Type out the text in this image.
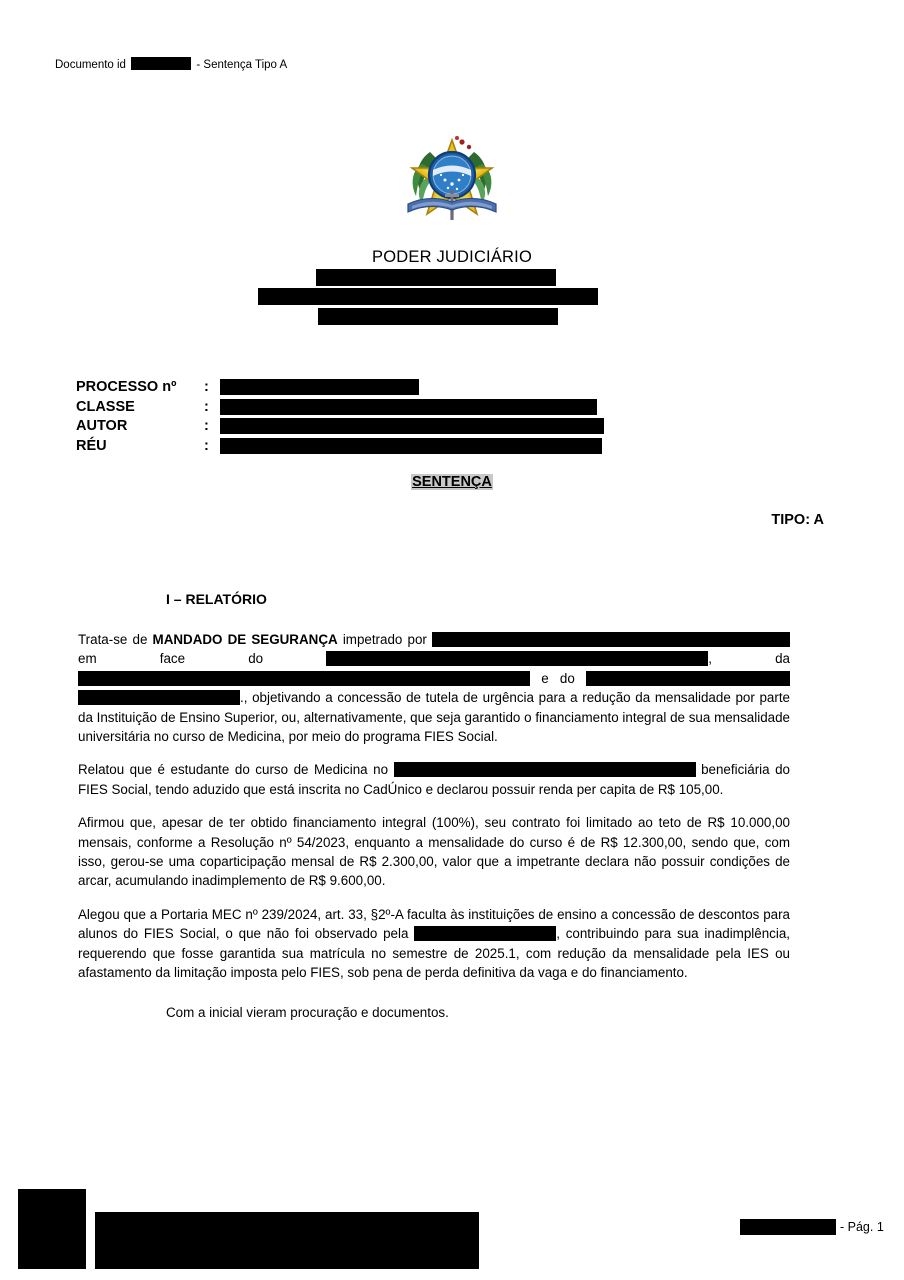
Documento id	- Sentença Tipo A
PODER JUDICIÁRIO
PROCESSO nº	:
CLASSE	:
AUTOR	:
RÉU	:
SENTENÇA
TIPO: A
I – RELATÓRIO

Trata-se de MANDADO DE SEGURANÇA impetrado por  em face do	, da  e do ., objetivando a concessão de tutela de urgência para a redução da mensalidade por parte da Instituição de Ensino Superior, ou, alternativamente, que seja garantido o financiamento integral de sua mensalidade universitária no curso de Medicina, por meio do programa FIES Social.

Relatou que é estudante do curso de Medicina no	beneficiária do FIES Social, tendo aduzido que está inscrita no CadÚnico e declarou possuir renda per capita de R$ 105,00.

Afirmou que, apesar de ter obtido financiamento integral (100%), seu contrato foi limitado ao teto de R$ 10.000,00 mensais, conforme a Resolução nº 54/2023, enquanto a mensalidade do curso é de R$ 12.300,00, sendo que, com isso, gerou-se uma coparticipação mensal de R$ 2.300,00, valor que a impetrante declara não possuir condições de arcar, acumulando inadimplemento de R$ 9.600,00.

Alegou que a Portaria MEC nº 239/2024, art. 33, §2º-A faculta às instituições de ensino a concessão de descontos para alunos do FIES Social, o que não foi observado pela	, contribuindo para sua inadimplência, requerendo que fosse garantida sua matrícula no semestre de 2025.1, com redução da mensalidade pela IES ou afastamento da limitação imposta pelo FIES, sob pena de perda definitiva da vaga e do financiamento.

Com a inicial vieram procuração e documentos.

- Pág. 1
